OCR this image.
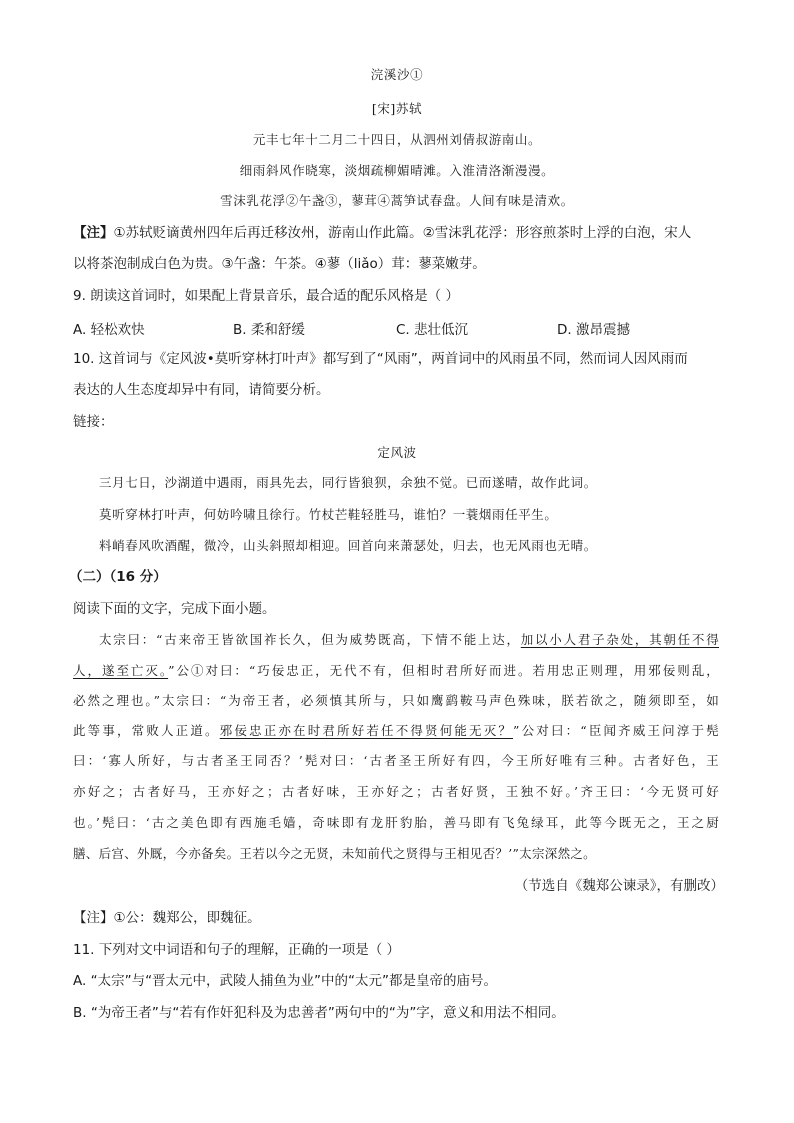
浣溪沙①
[宋]苏轼
元丰七年十二月二十四日，从泗州刘倩叔游南山。
细雨斜风作晓寒，淡烟疏柳媚晴滩。入淮清洛渐漫漫。
雪沫乳花浮②午盏③，蓼茸④蒿笋试春盘。人间有味是清欢。
【注】①苏轼贬谪黄州四年后再迁移汝州，游南山作此篇。②雪沫乳花浮：形容煎茶时上浮的白泡，宋人
以将茶泡制成白色为贵。③午盏：午茶。④蓼（liǎo）茸：蓼菜嫩芽。
9. 朗读这首词时，如果配上背景音乐，最合适的配乐风格是（ ）
A. 轻松欢快	B. 柔和舒缓	C. 悲壮低沉	D. 激昂震撼
10. 这首词与《定风波•莫听穿林打叶声》都写到了“风雨”，两首词中的风雨虽不同，然而词人因风雨而
表达的人生态度却异中有同，请简要分析。
链接：
定风波
三月七日，沙湖道中遇雨，雨具先去，同行皆狼狈，余独不觉。已而遂晴，故作此词。
莫听穿林打叶声，何妨吟啸且徐行。竹杖芒鞋轻胜马，谁怕？一蓑烟雨任平生。
料峭春风吹酒醒，微冷，山头斜照却相迎。回首向来萧瑟处，归去，也无风雨也无晴。
（二）（16 分）
阅读下面的文字，完成下面小题。
太宗曰：“古来帝王皆欲国祚长久，但为威势既高，下情不能上达，加以小人君子杂处，其朝任不得
人，遂至亡灭。”公①对曰：“巧佞忠正，无代不有，但相时君所好而进。若用忠正则理，用邪佞则乱，
必然之理也。”太宗曰：“为帝王者，必须慎其所与，只如鹰鹞鞍马声色殊味，朕若欲之，随须即至，如
此等事，常败人正道。邪佞忠正亦在时君所好若任不得贤何能无灭？”公对曰：“臣闻齐威王问淳于髡
曰：‘寡人所好，与古者圣王同否？’髡对曰：‘古者圣王所好有四，今王所好唯有三种。古者好色，王
亦好之；古者好马，王亦好之；古者好味，王亦好之；古者好贤，王独不好。’齐王曰：‘今无贤可好
也。’髡曰：‘古之美色即有西施毛嫱，奇味即有龙肝豹胎，善马即有飞兔绿耳，此等今既无之，王之厨
膳、后宫、外厩，今亦备矣。王若以今之无贤，未知前代之贤得与王相见否？’”太宗深然之。
（节选自《魏郑公谏录》，有删改）
【注】①公：魏郑公，即魏征。
11. 下列对文中词语和句子的理解，正确的一项是（ ）
A. “太宗”与“晋太元中，武陵人捕鱼为业”中的“太元”都是皇帝的庙号。
B. “为帝王者”与“若有作奸犯科及为忠善者”两句中的“为”字，意义和用法不相同。
